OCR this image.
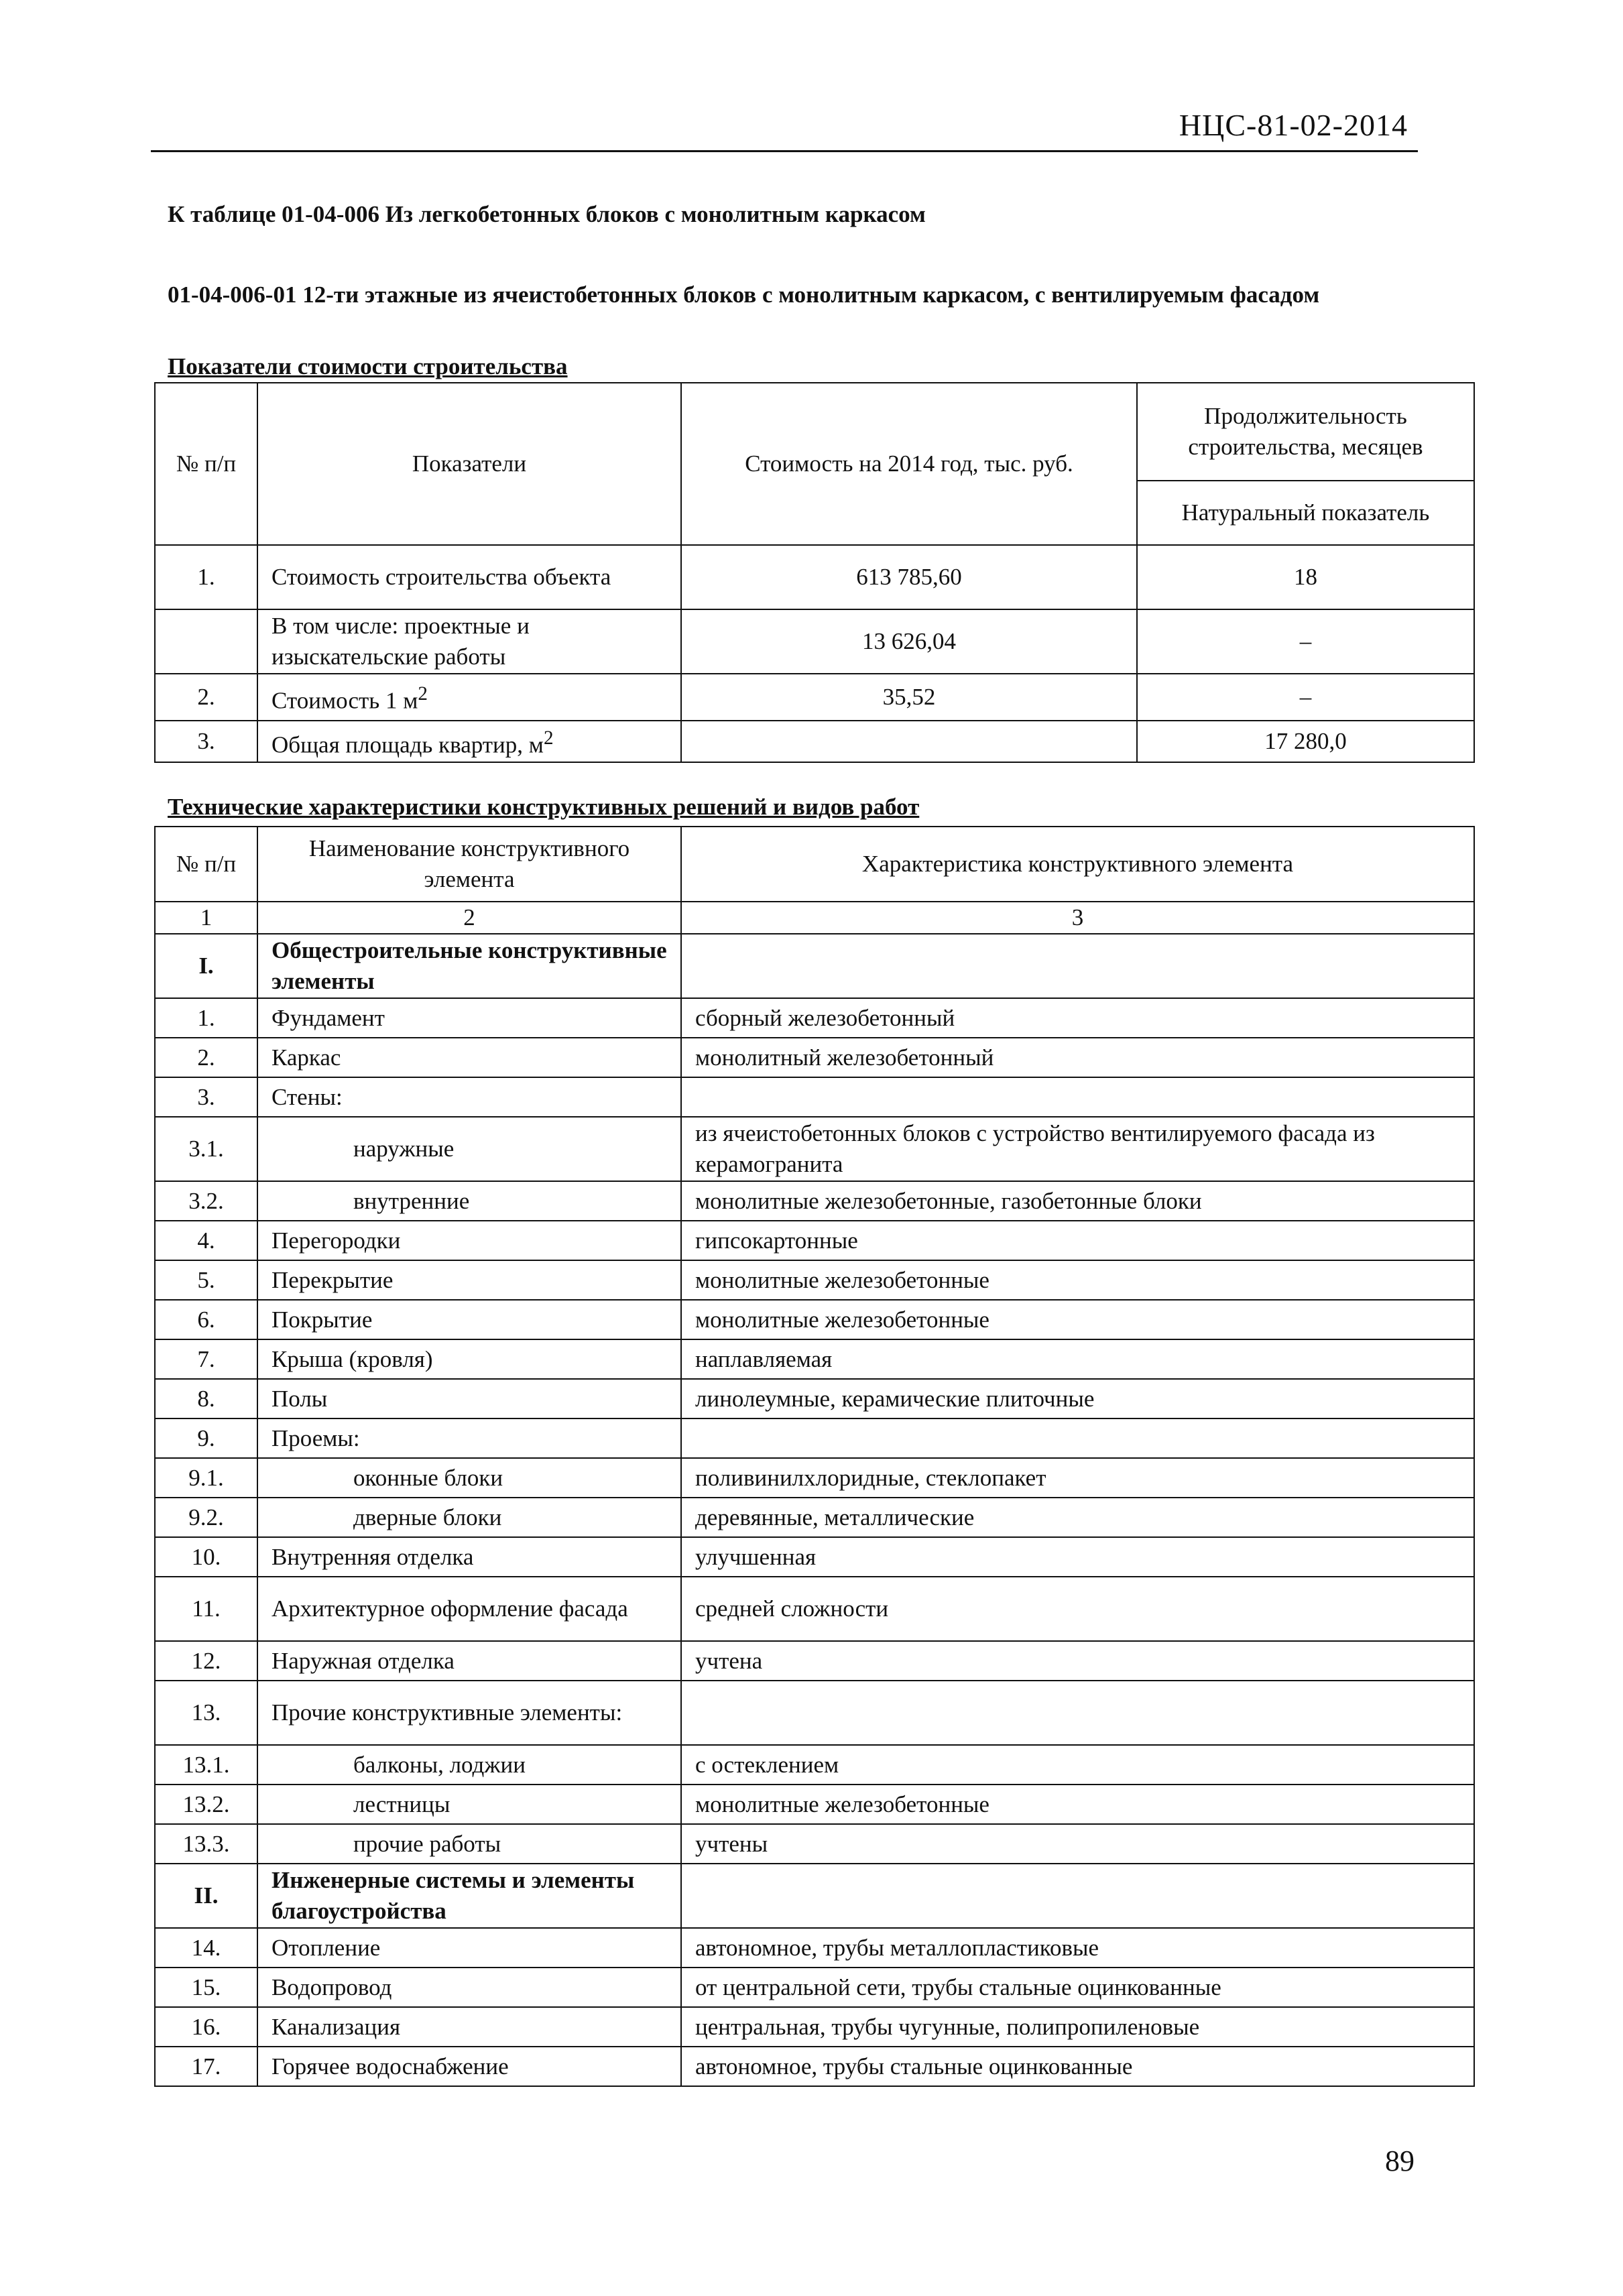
НЦС-81-02-2014
К таблице 01-04-006 Из легкобетонных блоков с монолитным каркасом
01-04-006-01 12-ти этажные из ячеистобетонных блоков с монолитным каркасом, с вентилируемым фасадом
Показатели стоимости строительства
№ п/п	Показатели	Стоимость на 2014 год, тыс. руб.	Продолжительность строительства, месяцев
			Натуральный показатель
1.	Стоимость строительства объекта	613 785,60	18
	В том числе: проектные и изыскательские работы	13 626,04	–
2.	Стоимость 1 $м^2$	35,52	–
3.	Общая площадь квартир, $м^2$		17 280,0
Технические характеристики конструктивных решений и видов работ
№ п/п	Наименование конструктивного элемента	Характеристика конструктивного элемента
1	2	3
I.	Общестроительные конструктивные элементы	
1.	Фундамент	сборный железобетонный
2.	Каркас	монолитный железобетонный
3.	Стены:	
3.1.	наружные	из ячеистобетонных блоков с устройство вентилируемого фасада из керамогранита
3.2.	внутренние	монолитные железобетонные, газобетонные блоки
4.	Перегородки	гипсокартонные
5.	Перекрытие	монолитные железобетонные
6.	Покрытие	монолитные железобетонные
7.	Крыша (кровля)	наплавляемая
8.	Полы	линолеумные, керамические плиточные
9.	Проемы:	
9.1.	оконные блоки	поливинилхлоридные, стеклопакет
9.2.	дверные блоки	деревянные, металлические
10.	Внутренняя отделка	улучшенная
11.	Архитектурное оформление фасада	средней сложности
12.	Наружная отделка	учтена
13.	Прочие конструктивные элементы:	
13.1.	балконы, лоджии	с остеклением
13.2.	лестницы	монолитные железобетонные
13.3.	прочие работы	учтены
II.	Инженерные системы и элементы благоустройства	
14.	Отопление	автономное, трубы металлопластиковые
15.	Водопровод	от центральной сети, трубы стальные оцинкованные
16.	Канализация	центральная, трубы чугунные, полипропиленовые
17.	Горячее водоснабжение	автономное, трубы стальные оцинкованные
89
